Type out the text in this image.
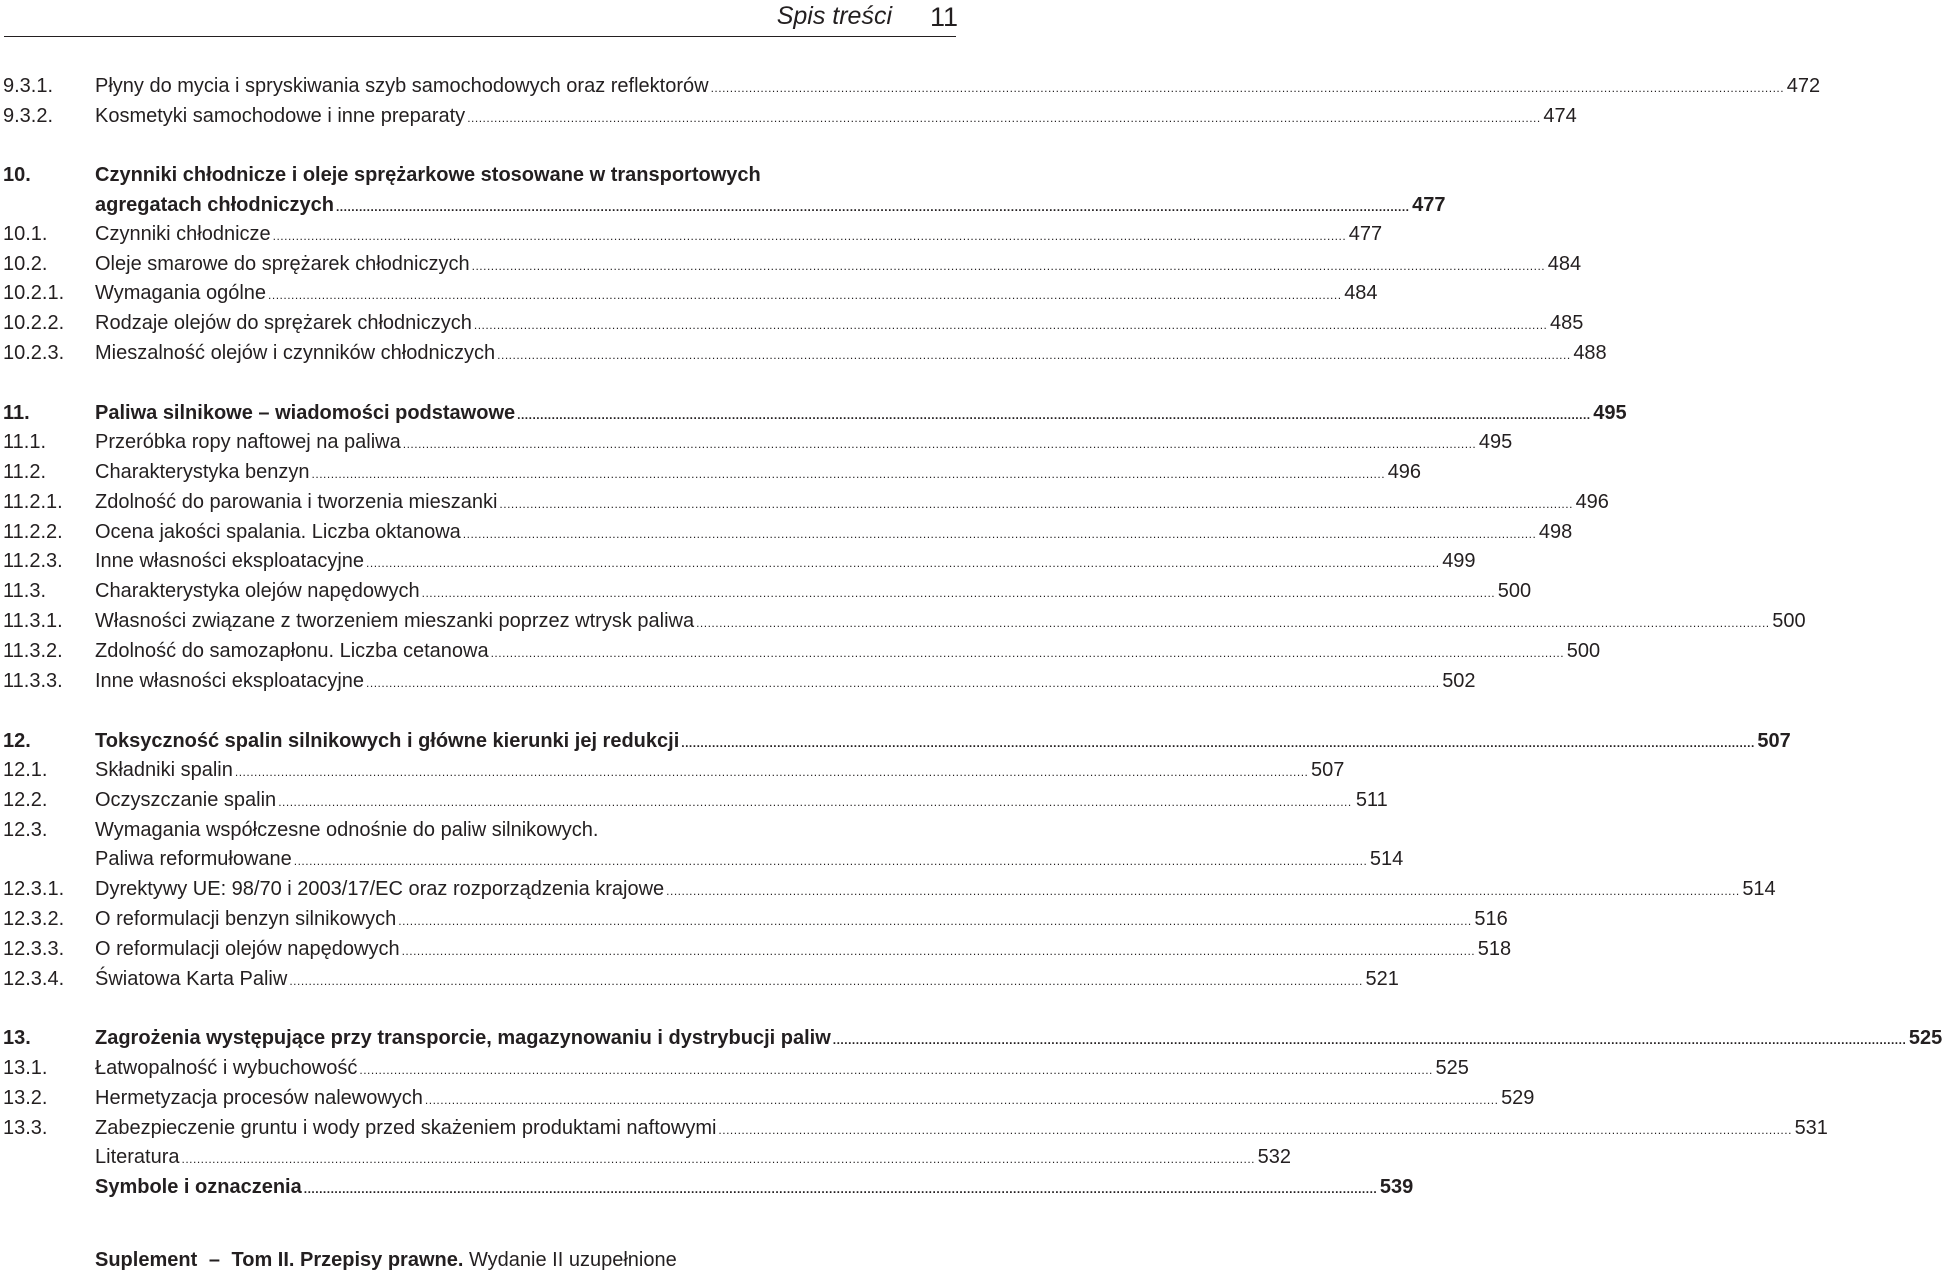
Spis treści 11
9.3.1. Płyny do mycia i spryskiwania szyb samochodowych oraz reflektorów .....	472
9.3.2. Kosmetyki samochodowe i inne preparaty .....	474
10.	Czynniki chłodnicze i oleje sprężarkowe stosowane w transportowych
agregatach chłodniczych .....	477
10.1. Czynniki chłodnicze .....	477
10.2. Oleje smarowe do sprężarek chłodniczych .....	484
10.2.1. Wymagania ogólne .....	484
10.2.2. Rodzaje olejów do sprężarek chłodniczych .....	485
10.2.3. Mieszalność olejów i czynników chłodniczych .....	488
11.	Paliwa silnikowe – wiadomości podstawowe .....	495
11.1. Przeróbka ropy naftowej na paliwa .....	495
11.2. Charakterystyka benzyn .....	496
11.2.1. Zdolność do parowania i tworzenia mieszanki .....	496
11.2.2. Ocena jakości spalania. Liczba oktanowa .....	498
11.2.3. Inne własności eksploatacyjne .....	499
11.3. Charakterystyka olejów napędowych .....	500
11.3.1. Własności związane z tworzeniem mieszanki poprzez wtrysk paliwa .....	500
11.3.2. Zdolność do samozapłonu. Liczba cetanowa .....	500
11.3.3. Inne własności eksploatacyjne .....	502
12.	Toksyczność spalin silnikowych i główne kierunki jej redukcji .....	507
12.1. Składniki spalin .....	507
12.2. Oczyszczanie spalin .....	511
12.3. Wymagania współczesne odnośnie do paliw silnikowych.
Paliwa reformułowane .....	514
12.3.1. Dyrektywy UE: 98/70 i 2003/17/EC oraz rozporządzenia krajowe .....	514
12.3.2. O reformulacji benzyn silnikowych .....	516
12.3.3. O reformulacji olejów napędowych .....	518
12.3.4. Światowa Karta Paliw .....	521
13.	Zagrożenia występujące przy transporcie, magazynowaniu i dystrybucji paliw .....	525
13.1. Łatwopalność i wybuchowość .....	525
13.2. Hermetyzacja procesów nalewowych .....	529
13.3. Zabezpieczenie gruntu i wody przed skażeniem produktami naftowymi .....	531
Literatura .....	532
Symbole i oznaczenia .....	539
Suplement – Tom II. Przepisy prawne. Wydanie II uzupełnione
